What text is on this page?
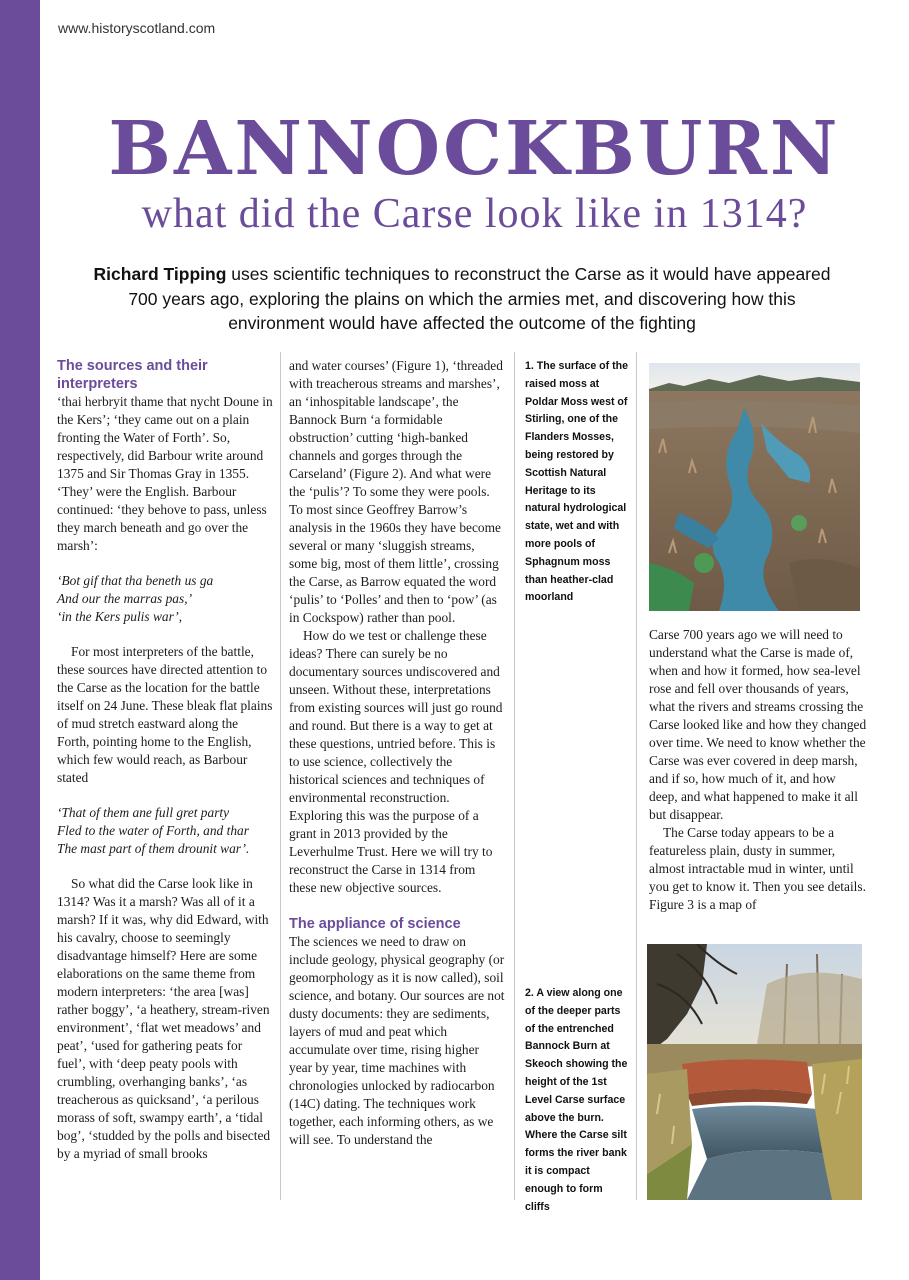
www.historyscotland.com
BANNOCKBURN
what did the Carse look like in 1314?
Richard Tipping uses scientific techniques to reconstruct the Carse as it would have appeared
700 years ago, exploring the plains on which the armies met, and discovering how this
environment would have affected the outcome of the fighting
The sources and their interpreters

‘thai herbryit thame that nycht Doune in the Kers’; ‘they came out on a plain fronting the Water of Forth’. So, respectively, did Barbour write around 1375 and Sir Thomas Gray in 1355. ‘They’ were the English. Barbour continued: ‘they behove to pass, unless they march beneath and go over the marsh’:

‘Bot gif that tha beneth us ga
And our the marras pas,’
‘in the Kers pulis war’,

For most interpreters of the battle, these sources have directed attention to the Carse as the location for the battle itself on 24 June. These bleak flat plains of mud stretch eastward along the Forth, pointing home to the English, which few would reach, as Barbour stated

‘That of them ane full gret party
Fled to the water of Forth, and thar
The mast part of them drounit war’.

So what did the Carse look like in 1314? Was it a marsh? Was all of it a marsh? If it was, why did Edward, with his cavalry, choose to seemingly disadvantage himself? Here are some elaborations on the same theme from modern interpreters: ‘the area [was] rather boggy’, ‘a heathery, stream-riven environment’, ‘flat wet meadows’ and peat’, ‘used for gathering peats for fuel’, with ‘deep peaty pools with crumbling, overhanging banks’, ‘as treacherous as quicksand’, ‘a perilous morass of soft, swampy earth’, a ‘tidal bog’, ‘studded by the polls and bisected by a myriad of small brooks

and water courses’ (Figure 1), ‘threaded with treacherous streams and marshes’, an ‘inhospitable landscape’, the Bannock Burn ‘a formidable obstruction’ cutting ‘high-banked channels and gorges through the Carseland’ (Figure 2). And what were the ‘pulis’? To some they were pools. To most since Geoffrey Barrow’s analysis in the 1960s they have become several or many ‘sluggish streams, some big, most of them little’, crossing the Carse, as Barrow equated the word ‘pulis’ to ‘Polles’ and then to ‘pow’ (as in Cockspow) rather than pool.

How do we test or challenge these ideas? There can surely be no documentary sources undiscovered and unseen. Without these, interpretations from existing sources will just go round and round. But there is a way to get at these questions, untried before. This is to use science, collectively the historical sciences and techniques of environmental reconstruction. Exploring this was the purpose of a grant in 2013 provided by the Leverhulme Trust. Here we will try to reconstruct the Carse in 1314 from these new objective sources.

The appliance of science

The sciences we need to draw on include geology, physical geography (or geomorphology as it is now called), soil science, and botany. Our sources are not dusty documents: they are sediments, layers of mud and peat which accumulate over time, rising higher year by year, time machines with chronologies unlocked by radiocarbon (14C) dating. The techniques work together, each informing others, as we will see. To understand the

1. The surface of the raised moss at Poldar Moss west of Stirling, one of the Flanders Mosses, being restored by Scottish Natural Heritage to its natural hydrological state, wet and with more pools of Sphagnum moss than heather-clad moorland
2. A view along one of the deeper parts of the entrenched Bannock Burn at Skeoch showing the height of the 1st Level Carse surface above the burn. Where the Carse silt forms the river bank it is compact enough to form cliffs

Carse 700 years ago we will need to understand what the Carse is made of, when and how it formed, how sea-level rose and fell over thousands of years, what the rivers and streams crossing the Carse looked like and how they changed over time. We need to know whether the Carse was ever covered in deep marsh, and if so, how much of it, and how deep, and what happened to make it all but disappear.

The Carse today appears to be a featureless plain, dusty in summer, almost intractable mud in winter, until you get to know it. Then you see details. Figure 3 is a map of
